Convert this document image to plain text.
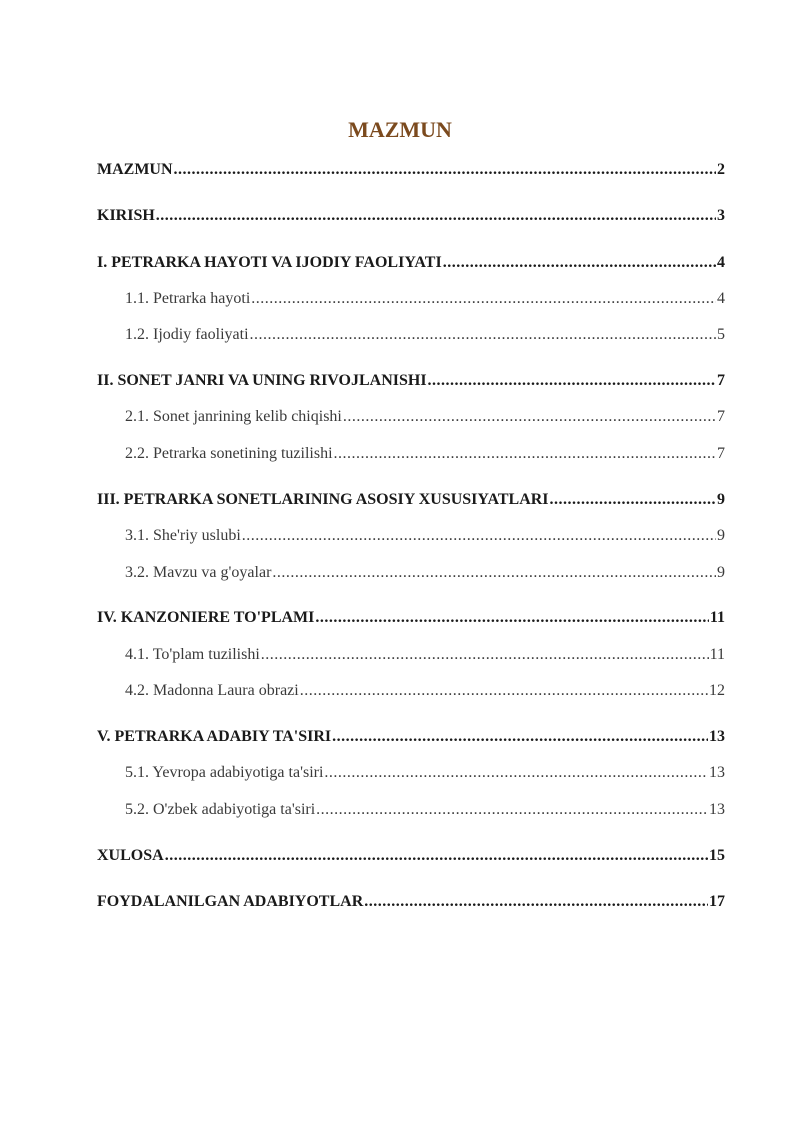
MAZMUN
MAZMUN .....	2
KIRISH .....	3
I. PETRARKA HAYOTI VA IJODIY FAOLIYATI .....	4
1.1. Petrarka hayoti .....	4
1.2. Ijodiy faoliyati .....	5
II. SONET JANRI VA UNING RIVOJLANISHI .....	7
2.1. Sonet janrining kelib chiqishi .....	7
2.2. Petrarka sonetining tuzilishi .....	7
III. PETRARKA SONETLARINING ASOSIY XUSUSIYATLARI .....	9
3.1. She'riy uslubi .....	9
3.2. Mavzu va g'oyalar .....	9
IV. KANZONIERE TO'PLAMI .....	11
4.1. To'plam tuzilishi .....	11
4.2. Madonna Laura obrazi .....	12
V. PETRARKA ADABIY TA'SIRI .....	13
5.1. Yevropa adabiyotiga ta'siri .....	13
5.2. O'zbek adabiyotiga ta'siri .....	13
XULOSA .....	15
FOYDALANILGAN ADABIYOTLAR .....	17
